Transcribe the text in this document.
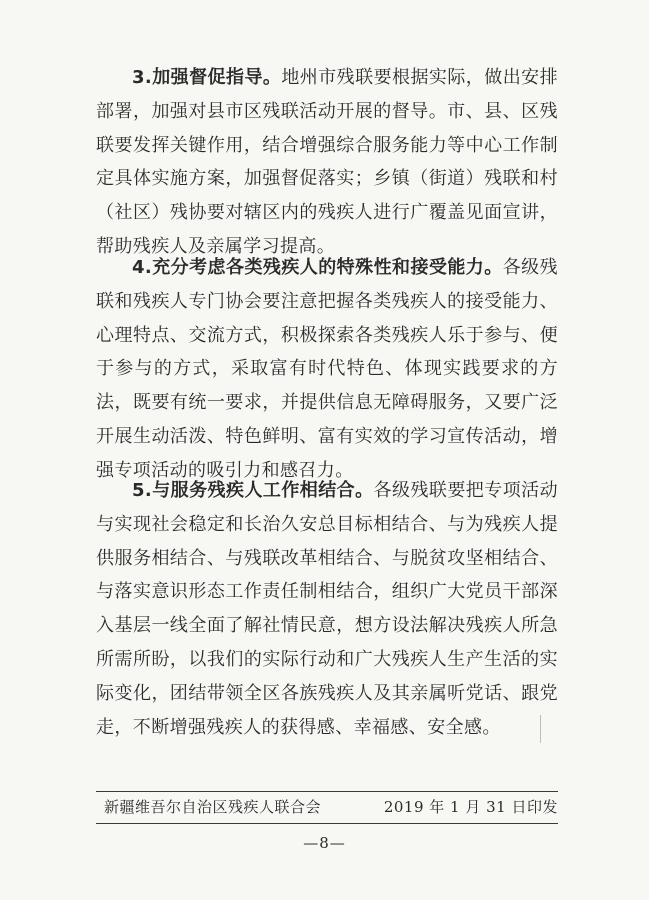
3.加强督促指导。地州市残联要根据实际，做出安排部署，加强对县市区残联活动开展的督导。市、县、区残联要发挥关键作用，结合增强综合服务能力等中心工作制定具体实施方案，加强督促落实；乡镇（街道）残联和村（社区）残协要对辖区内的残疾人进行广覆盖见面宣讲，帮助残疾人及亲属学习提高。

4.充分考虑各类残疾人的特殊性和接受能力。各级残联和残疾人专门协会要注意把握各类残疾人的接受能力、心理特点、交流方式，积极探索各类残疾人乐于参与、便于参与的方式，采取富有时代特色、体现实践要求的方法，既要有统一要求，并提供信息无障碍服务，又要广泛开展生动活泼、特色鲜明、富有实效的学习宣传活动，增强专项活动的吸引力和感召力。

5.与服务残疾人工作相结合。各级残联要把专项活动与实现社会稳定和长治久安总目标相结合、与为残疾人提供服务相结合、与残联改革相结合、与脱贫攻坚相结合、与落实意识形态工作责任制相结合，组织广大党员干部深入基层一线全面了解社情民意，想方设法解决残疾人所急所需所盼，以我们的实际行动和广大残疾人生产生活的实际变化，团结带领全区各族残疾人及其亲属听党话、跟党走，不断增强残疾人的获得感、幸福感、安全感。

新疆维吾尔自治区残疾人联合会	2019 年 1 月 31 日印发
—8—
